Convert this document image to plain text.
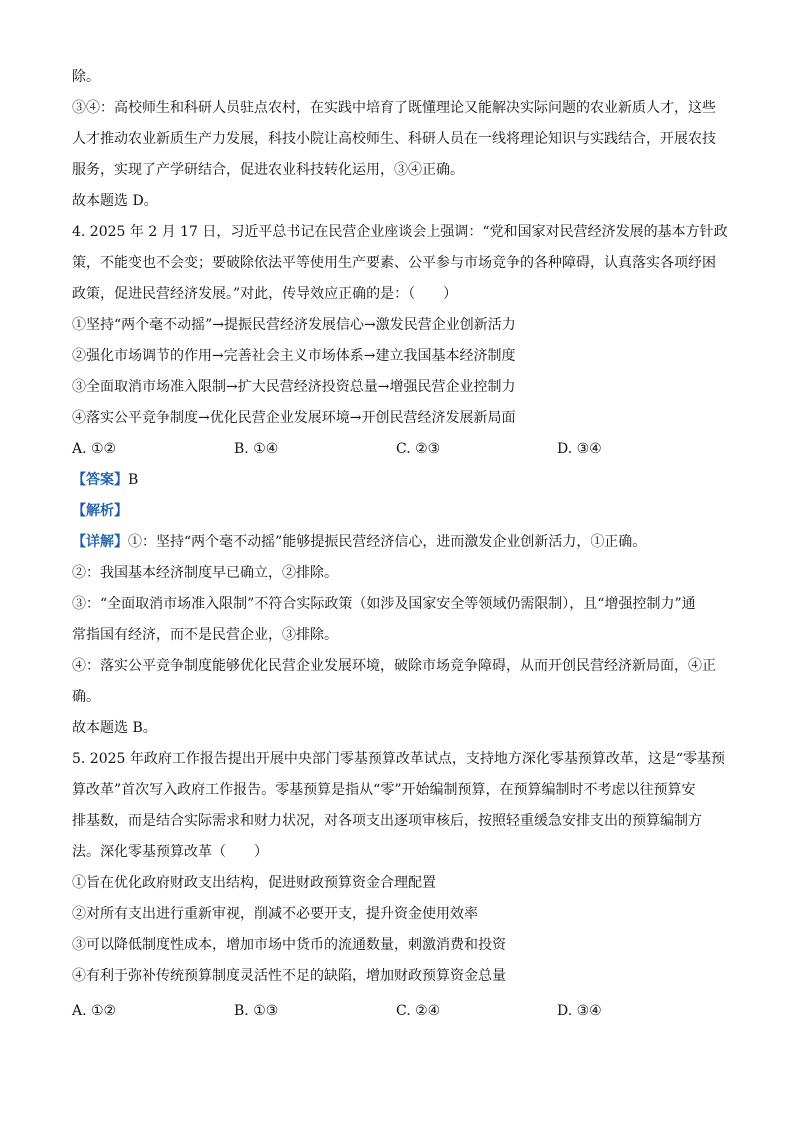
除。
③④：高校师生和科研人员驻点农村，在实践中培育了既懂理论又能解决实际问题的农业新质人才，这些
人才推动农业新质生产力发展，科技小院让高校师生、科研人员在一线将理论知识与实践结合，开展农技
服务，实现了产学研结合，促进农业科技转化运用，③④正确。
故本题选 D。
4. 2025 年 2 月 17 日，习近平总书记在民营企业座谈会上强调：“党和国家对民营经济发展的基本方针政
策，不能变也不会变；要破除依法平等使用生产要素、公平参与市场竞争的各种障碍，认真落实各项纾困
政策，促进民营经济发展。”对此，传导效应正确的是：（　　）
①坚持“两个毫不动摇”→提振民营经济发展信心→激发民营企业创新活力
②强化市场调节的作用→完善社会主义市场体系→建立我国基本经济制度
③全面取消市场准入限制→扩大民营经济投资总量→增强民营企业控制力
④落实公平竞争制度→优化民营企业发展环境→开创民营经济发展新局面
A. ①②	B. ①④	C. ②③	D. ③④
【答案】B
【解析】
【详解】①：坚持“两个毫不动摇”能够提振民营经济信心，进而激发企业创新活力，①正确。
②：我国基本经济制度早已确立，②排除。
③：“全面取消市场准入限制”不符合实际政策（如涉及国家安全等领域仍需限制），且“增强控制力”通
常指国有经济，而不是民营企业，③排除。
④：落实公平竞争制度能够优化民营企业发展环境，破除市场竞争障碍，从而开创民营经济新局面，④正
确。
故本题选 B。
5. 2025 年政府工作报告提出开展中央部门零基预算改革试点，支持地方深化零基预算改革，这是“零基预
算改革”首次写入政府工作报告。零基预算是指从“零”开始编制预算，在预算编制时不考虑以往预算安
排基数，而是结合实际需求和财力状况，对各项支出逐项审核后，按照轻重缓急安排支出的预算编制方
法。深化零基预算改革（　　）
①旨在优化政府财政支出结构，促进财政预算资金合理配置
②对所有支出进行重新审视，削减不必要开支，提升资金使用效率
③可以降低制度性成本，增加市场中货币的流通数量，刺激消费和投资
④有利于弥补传统预算制度灵活性不足的缺陷，增加财政预算资金总量
A. ①②	B. ①③	C. ②④	D. ③④
